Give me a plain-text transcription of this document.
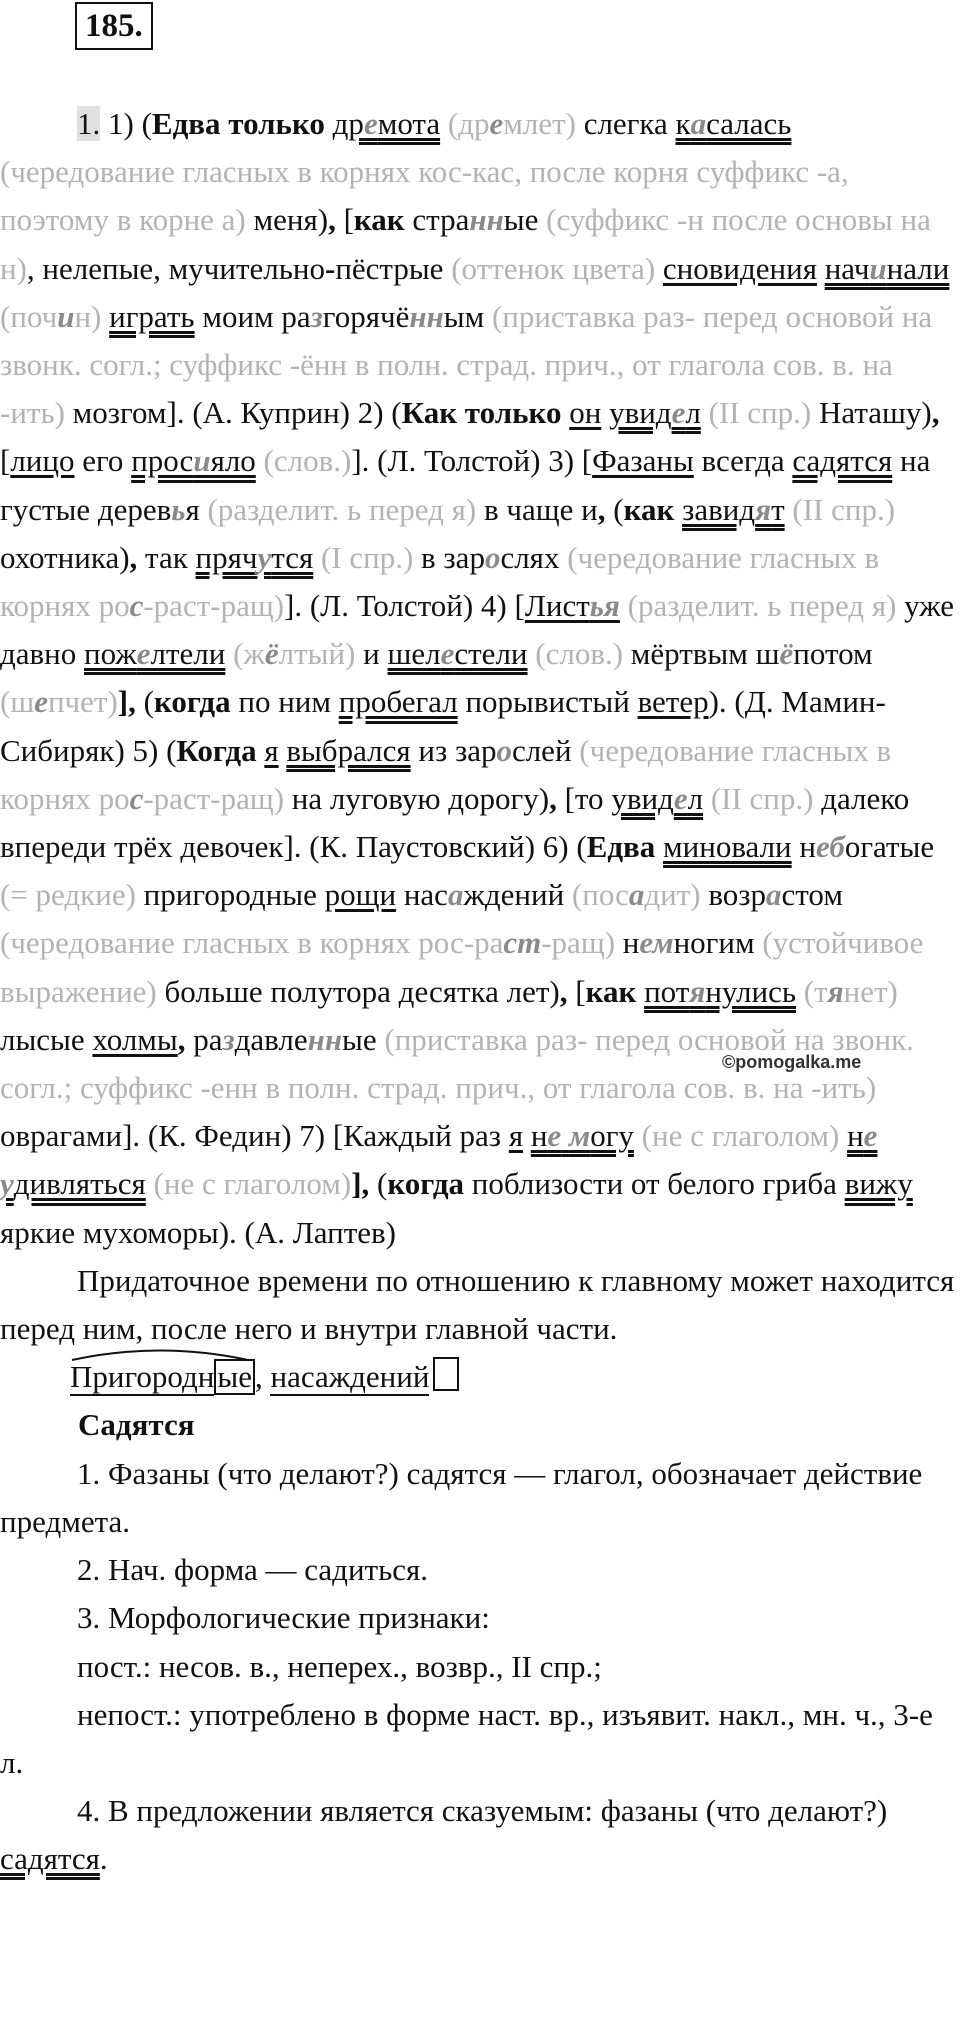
185.
©pomogalka.me

1. 1) (Едва только дремота (дремлет) слегка касалась (чередование гласных в корнях кос-кас, после корня суффикс -а, поэтому в корне а) меня), [как странные (суффикс -н после основы на н), нелепые, мучительно-пёстрые (оттенок цвета) сновидения начинали (почин) играть моим разгорячённым (приставка раз- перед основой на звонк. согл.; суффикс -ённ в полн. страд. прич., от глагола сов. в. на -ить) мозгом]. (А. Куприн) 2) (Как только он увидел (II спр.) Наташу), [лицо его просияло (слов.)]. (Л. Толстой) 3) [Фазаны всегда садятся на густые деревья (разделит. ь перед я) в чаще и, (как завидят (II спр.) охотника), так прячутся (I спр.) в зарослях (чередование гласных в корнях рос-раст-ращ)]. (Л. Толстой) 4) [Листья (разделит. ь перед я) уже давно пожелтели (жёлтый) и шелестели (слов.) мёртвым шёпотом (шепчет)], (когда по ним пробегал порывистый ветер). (Д. Мамин-Сибиряк) 5) (Когда я выбрался из зарослей (чередование гласных в корнях рос-раст-ращ) на луговую дорогу), [то увидел (II спр.) далеко впереди трёх девочек]. (К. Паустовский) 6) (Едва миновали небогатые (= редкие) пригородные рощи насаждений (посадит) возрастом (чередование гласных в корнях рос-раст-ращ) немногим (устойчивое выражение) больше полутора десятка лет), [как потянулись (тянет) лысые холмы, раздавленные (приставка раз- перед основой на звонк. согл.; суффикс -енн в полн. страд. прич., от глагола сов. в. на -ить) оврагами]. (К. Федин) 7) [Каждый раз я не могу (не с глаголом) не удивляться (не с глаголом)], (когда поблизости от белого гриба вижу яркие мухоморы). (А. Лаптев)

Придаточное времени по отношению к главному может находится перед ним, после него и внутри главной части.

Пригородные, насаждений

Садятся

1. Фазаны (что делают?) садятся — глагол, обозначает действие предмета.

2. Нач. форма — садиться.

3. Морфологические признаки:

пост.: несов. в., неперех., возвр., II спр.;

непост.: употреблено в форме наст. вр., изъявит. накл., мн. ч., 3-е л.

4. В предложении является сказуемым: фазаны (что делают?) садятся.
